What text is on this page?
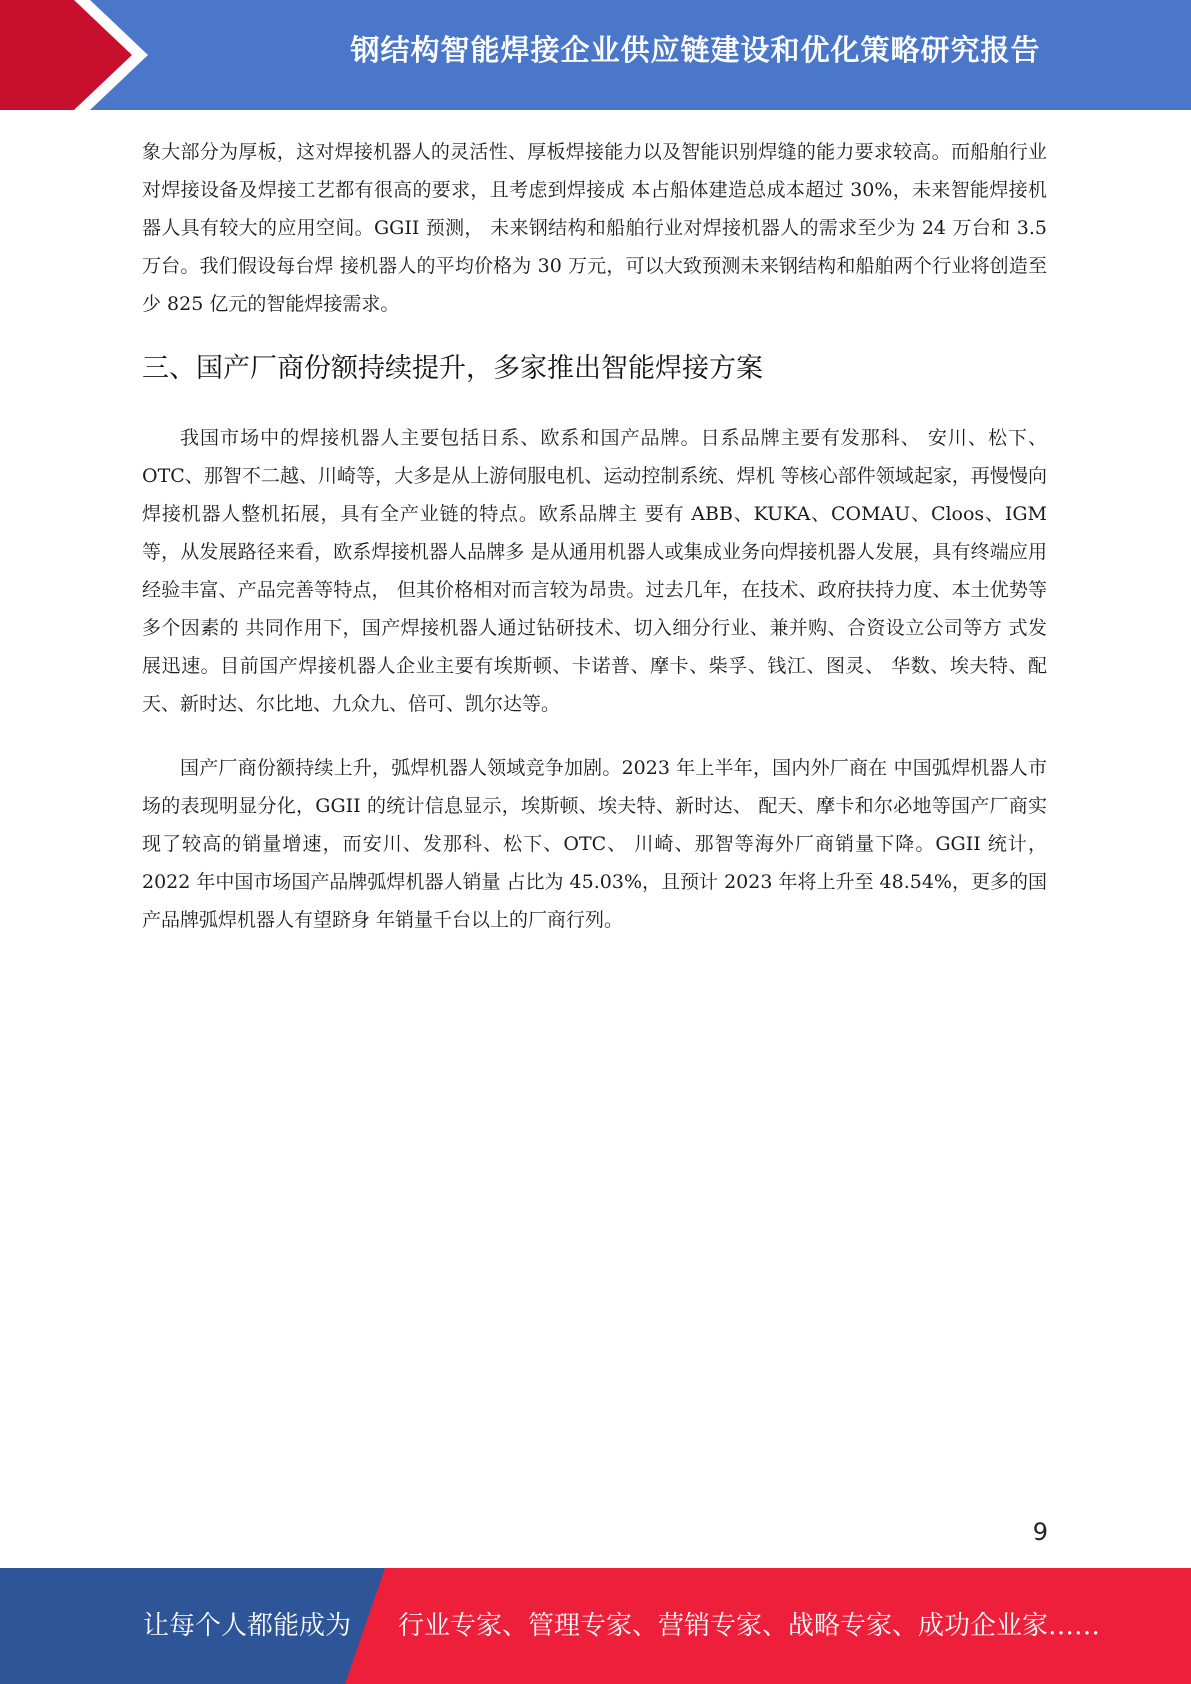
钢结构智能焊接企业供应链建设和优化策略研究报告

象大部分为厚板，这对焊接机器人的灵活性、厚板焊接能力以及智能识别焊缝的能力要求较高。而船舶行业对焊接设备及焊接工艺都有很高的要求，且考虑到焊接成 本占船体建造总成本超过 30%，未来智能焊接机器人具有较大的应用空间。GGII 预测， 未来钢结构和船舶行业对焊接机器人的需求至少为 24 万台和 3.5 万台。我们假设每台焊 接机器人的平均价格为 30 万元，可以大致预测未来钢结构和船舶两个行业将创造至少 825 亿元的智能焊接需求。

三、国产厂商份额持续提升，多家推出智能焊接方案

我国市场中的焊接机器人主要包括日系、欧系和国产品牌。日系品牌主要有发那科、 安川、松下、OTC、那智不二越、川崎等，大多是从上游伺服电机、运动控制系统、焊机 等核心部件领域起家，再慢慢向焊接机器人整机拓展，具有全产业链的特点。欧系品牌主 要有 ABB、KUKA、COMAU、Cloos、IGM 等，从发展路径来看，欧系焊接机器人品牌多 是从通用机器人或集成业务向焊接机器人发展，具有终端应用经验丰富、产品完善等特点， 但其价格相对而言较为昂贵。过去几年，在技术、政府扶持力度、本土优势等多个因素的 共同作用下，国产焊接机器人通过钻研技术、切入细分行业、兼并购、合资设立公司等方 式发展迅速。目前国产焊接机器人企业主要有埃斯顿、卡诺普、摩卡、柴孚、钱江、图灵、 华数、埃夫特、配天、新时达、尔比地、九众九、倍可、凯尔达等。

国产厂商份额持续上升，弧焊机器人领域竞争加剧。2023 年上半年，国内外厂商在 中国弧焊机器人市场的表现明显分化，GGII 的统计信息显示，埃斯顿、埃夫特、新时达、 配天、摩卡和尔必地等国产厂商实现了较高的销量增速，而安川、发那科、松下、OTC、 川崎、那智等海外厂商销量下降。GGII 统计，2022 年中国市场国产品牌弧焊机器人销量 占比为 45.03%，且预计 2023 年将上升至 48.54%，更多的国产品牌弧焊机器人有望跻身 年销量千台以上的厂商行列。

9
让每个人都能成为 行业专家、管理专家、营销专家、战略专家、成功企业家……
